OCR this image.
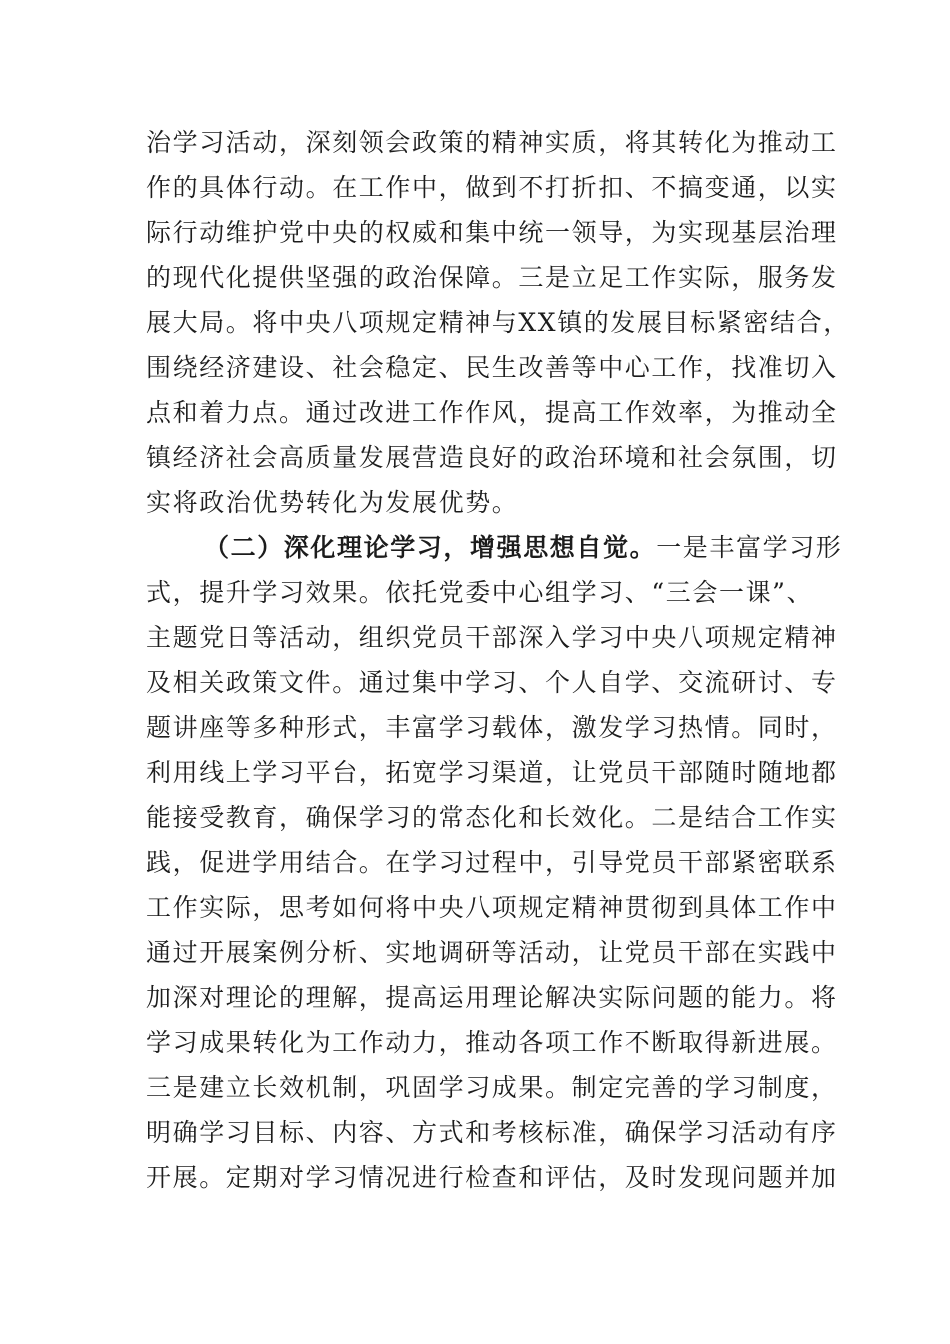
治学习活动，深刻领会政策的精神实质，将其转化为推动工
作的具体行动。在工作中，做到不打折扣、不搞变通，以实
际行动维护党中央的权威和集中统一领导，为实现基层治理
的现代化提供坚强的政治保障。三是立足工作实际，服务发
展大局。将中央八项规定精神与XX镇的发展目标紧密结合，
围绕经济建设、社会稳定、民生改善等中心工作，找准切入
点和着力点。通过改进工作作风，提高工作效率，为推动全
镇经济社会高质量发展营造良好的政治环境和社会氛围，切
实将政治优势转化为发展优势。
（二）深化理论学习，增强思想自觉。一是丰富学习形
式，提升学习效果。依托党委中心组学习、“三会一课”、
主题党日等活动，组织党员干部深入学习中央八项规定精神
及相关政策文件。通过集中学习、个人自学、交流研讨、专
题讲座等多种形式，丰富学习载体，激发学习热情。同时，
利用线上学习平台，拓宽学习渠道，让党员干部随时随地都
能接受教育，确保学习的常态化和长效化。二是结合工作实
践，促进学用结合。在学习过程中，引导党员干部紧密联系
工作实际，思考如何将中央八项规定精神贯彻到具体工作中
通过开展案例分析、实地调研等活动，让党员干部在实践中
加深对理论的理解，提高运用理论解决实际问题的能力。将
学习成果转化为工作动力，推动各项工作不断取得新进展。
三是建立长效机制，巩固学习成果。制定完善的学习制度，
明确学习目标、内容、方式和考核标准，确保学习活动有序
开展。定期对学习情况进行检查和评估，及时发现问题并加
